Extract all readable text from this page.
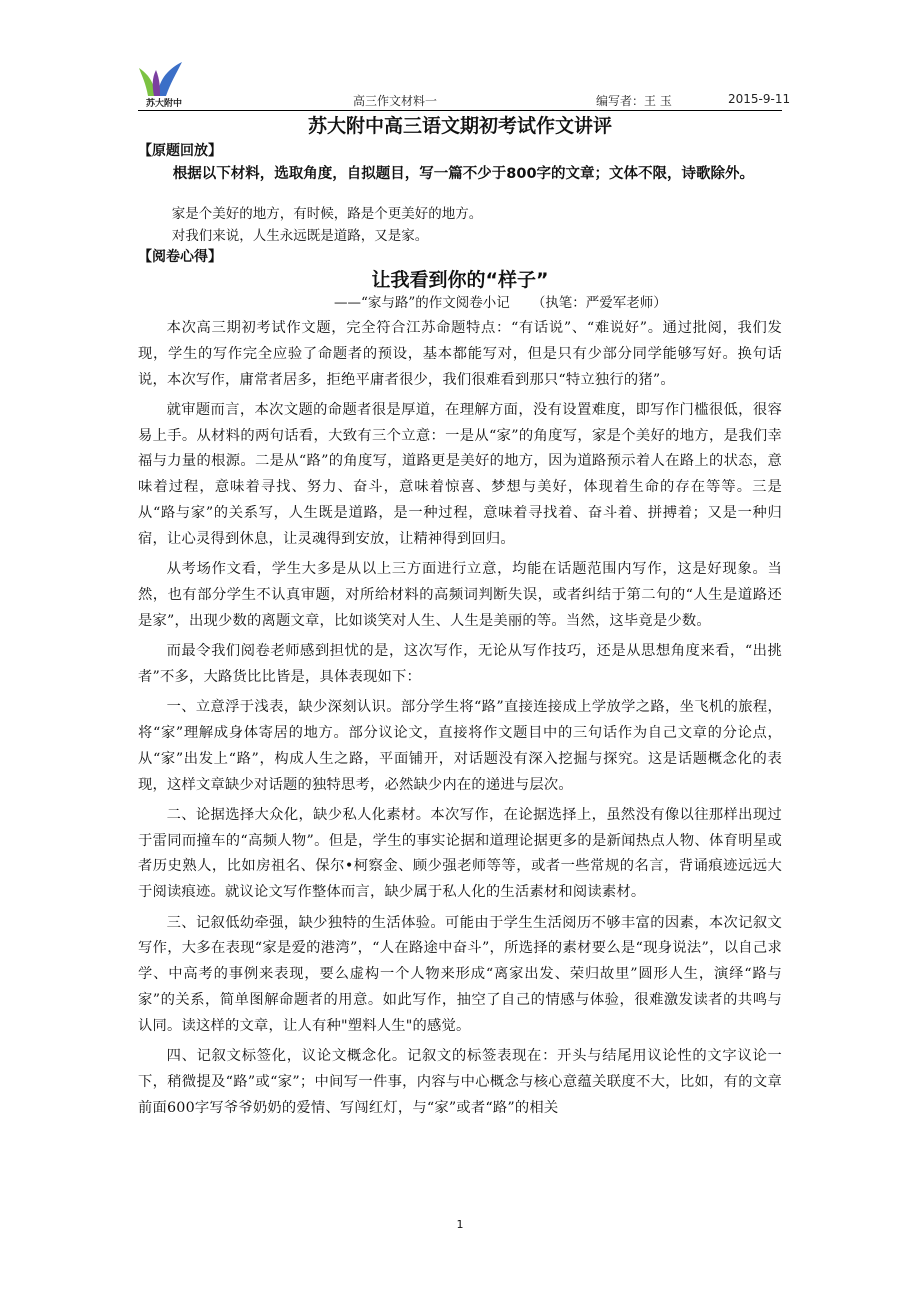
苏大附中	高三作文材料一	编写者：王 玉	2015-9-11
苏大附中高三语文期初考试作文讲评
【原题回放】

根据以下材料，选取角度，自拟题目，写一篇不少于800字的文章；文体不限，诗歌除外。

家是个美好的地方，有时候，路是个更美好的地方。

对我们来说，人生永远既是道路，又是家。

【阅卷心得】
让我看到你的“样子”
——“家与路”的作文阅卷小记 （执笔：严爱军老师）

本次高三期初考试作文题，完全符合江苏命题特点：“有话说”、“难说好”。通过批阅，我们发现，学生的写作完全应验了命题者的预设，基本都能写对，但是只有少部分同学能够写好。换句话说，本次写作，庸常者居多，拒绝平庸者很少，我们很难看到那只“特立独行的猪”。

就审题而言，本次文题的命题者很是厚道，在理解方面，没有设置难度，即写作门槛很低，很容易上手。从材料的两句话看，大致有三个立意：一是从“家”的角度写，家是个美好的地方，是我们幸福与力量的根源。二是从“路”的角度写，道路更是美好的地方，因为道路预示着人在路上的状态，意味着过程，意味着寻找、努力、奋斗，意味着惊喜、梦想与美好，体现着生命的存在等等。三是从“路与家”的关系写，人生既是道路，是一种过程，意味着寻找着、奋斗着、拼搏着；又是一种归宿，让心灵得到休息，让灵魂得到安放，让精神得到回归。

从考场作文看，学生大多是从以上三方面进行立意，均能在话题范围内写作，这是好现象。当然，也有部分学生不认真审题，对所给材料的高频词判断失误，或者纠结于第二句的“人生是道路还是家”，出现少数的离题文章，比如谈笑对人生、人生是美丽的等。当然，这毕竟是少数。

而最令我们阅卷老师感到担忧的是，这次写作，无论从写作技巧，还是从思想角度来看，“出挑者”不多，大路货比比皆是，具体表现如下：

一、立意浮于浅表，缺少深刻认识。部分学生将“路”直接连接成上学放学之路，坐飞机的旅程，将“家”理解成身体寄居的地方。部分议论文，直接将作文题目中的三句话作为自己文章的分论点，从“家”出发上“路”，构成人生之路，平面铺开，对话题没有深入挖掘与探究。这是话题概念化的表现，这样文章缺少对话题的独特思考，必然缺少内在的递进与层次。

二、论据选择大众化，缺少私人化素材。本次写作，在论据选择上，虽然没有像以往那样出现过于雷同而撞车的“高频人物”。但是，学生的事实论据和道理论据更多的是新闻热点人物、体育明星或者历史熟人，比如房祖名、保尔•柯察金、顾少强老师等等，或者一些常规的名言，背诵痕迹远远大于阅读痕迹。就议论文写作整体而言，缺少属于私人化的生活素材和阅读素材。

三、记叙低幼牵强，缺少独特的生活体验。可能由于学生生活阅历不够丰富的因素，本次记叙文写作，大多在表现“家是爱的港湾”，“人在路途中奋斗”，所选择的素材要么是“现身说法”，以自己求学、中高考的事例来表现，要么虚构一个人物来形成“离家出发、荣归故里”圆形人生，演绎“路与家”的关系，简单图解命题者的用意。如此写作，抽空了自己的情感与体验，很难激发读者的共鸣与认同。读这样的文章，让人有种"塑料人生"的感觉。

四、记叙文标签化，议论文概念化。记叙文的标签表现在：开头与结尾用议论性的文字议论一下，稍微提及“路”或“家”；中间写一件事，内容与中心概念与核心意蕴关联度不大，比如，有的文章前面600字写爷爷奶奶的爱情、写闯红灯，与“家”或者“路”的相关

1
